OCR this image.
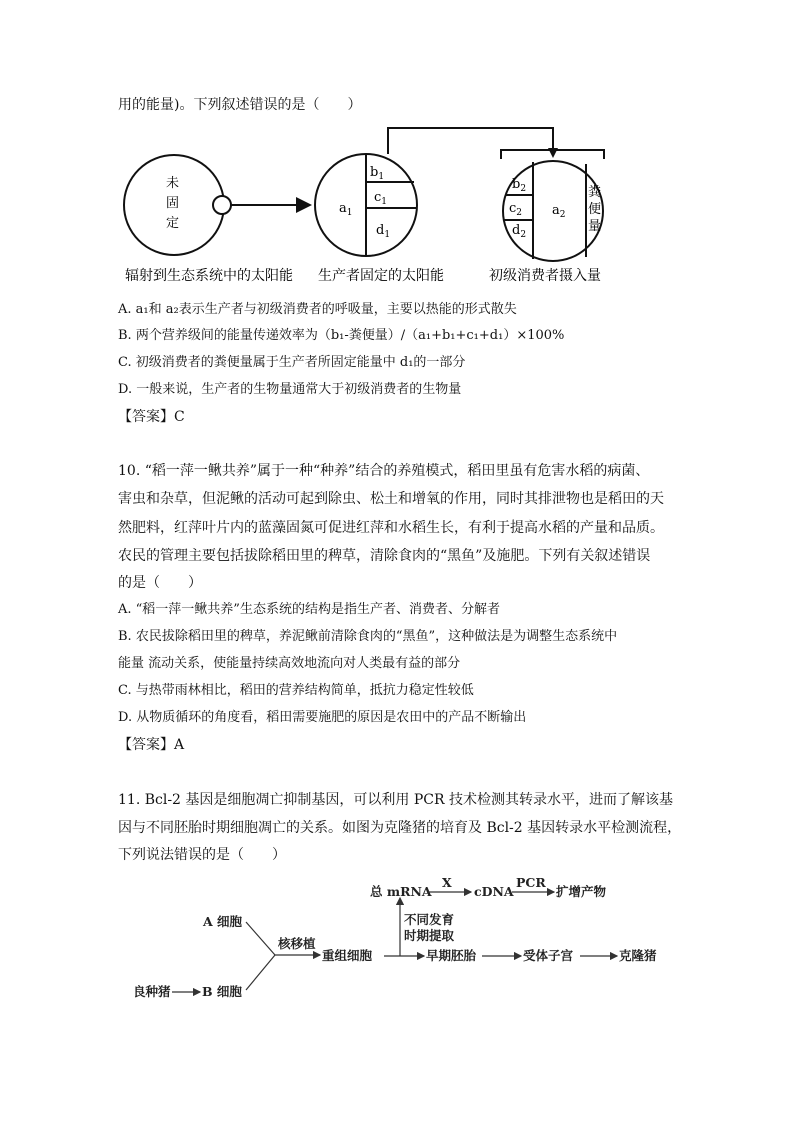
用的能量)。下列叙述错误的是（　　）
未
固
定
$a_1$
$b_1$
$c_1$
$d_1$
$b_2$
$c_2$
$d_2$
$a_2$
粪
便
量
辐射到生态系统中的太阳能 生产者固定的太阳能	初级消费者摄入量
A. a₁和 a₂表示生产者与初级消费者的呼吸量，主要以热能的形式散失
B. 两个营养级间的能量传递效率为（b₁-粪便量）/（a₁+b₁+c₁+d₁）×100%
C. 初级消费者的粪便量属于生产者所固定能量中 d₁的一部分
D. 一般来说，生产者的生物量通常大于初级消费者的生物量
【答案】C
10. “稻一萍一鳅共养”属于一种“种养”结合的养殖模式，稻田里虽有危害水稻的病菌、
害虫和杂草，但泥鳅的活动可起到除虫、松土和增氧的作用，同时其排泄物也是稻田的天
然肥料，红萍叶片内的蓝藻固氮可促进红萍和水稻生长，有利于提高水稻的产量和品质。
农民的管理主要包括拔除稻田里的稗草，清除食肉的“黑鱼”及施肥。下列有关叙述错误
的是（　　）
A. “稻一萍一鳅共养”生态系统的结构是指生产者、消费者、分解者
B. 农民拔除稻田里的稗草，养泥鳅前清除食肉的“黑鱼”，这种做法是为调整生态系统中
能量 流动关系，使能量持续高效地流向对人类最有益的部分
C. 与热带雨林相比，稻田的营养结构简单，抵抗力稳定性较低
D. 从物质循环的角度看，稻田需要施肥的原因是农田中的产品不断输出
【答案】A
11. Bcl-2 基因是细胞凋亡抑制基因，可以利用 PCR 技术检测其转录水平，进而了解该基
因与不同胚胎时期细胞凋亡的关系。如图为克隆猪的培育及 Bcl-2 基因转录水平检测流程，
下列说法错误的是（　　）
总 mRNA
X
cDNA
PCR
扩增产物
A 细胞
核移植
重组细胞
不同发育
时期提取
早期胚胎	受体子宫	克隆猪
良种猪	B 细胞
